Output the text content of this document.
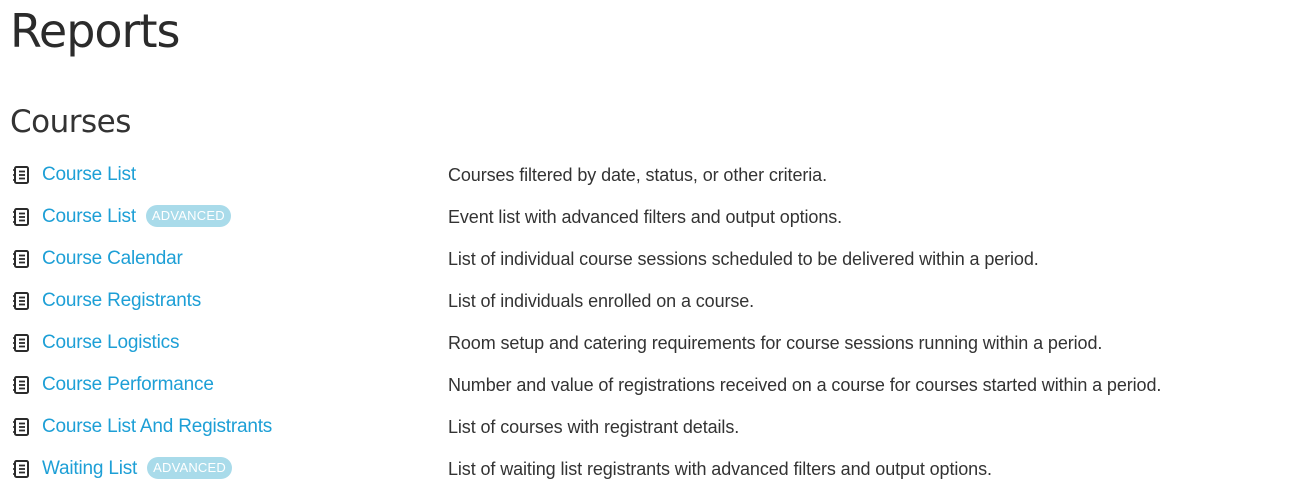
Reports
Courses
Course List	Courses filtered by date, status, or other criteria.
Course List ADVANCED	Event list with advanced filters and output options.
Course Calendar	List of individual course sessions scheduled to be delivered within a period.
Course Registrants	List of individuals enrolled on a course.
Course Logistics	Room setup and catering requirements for course sessions running within a period.
Course Performance	Number and value of registrations received on a course for courses started within a period.
Course List And Registrants	List of courses with registrant details.
Waiting List ADVANCED	List of waiting list registrants with advanced filters and output options.
